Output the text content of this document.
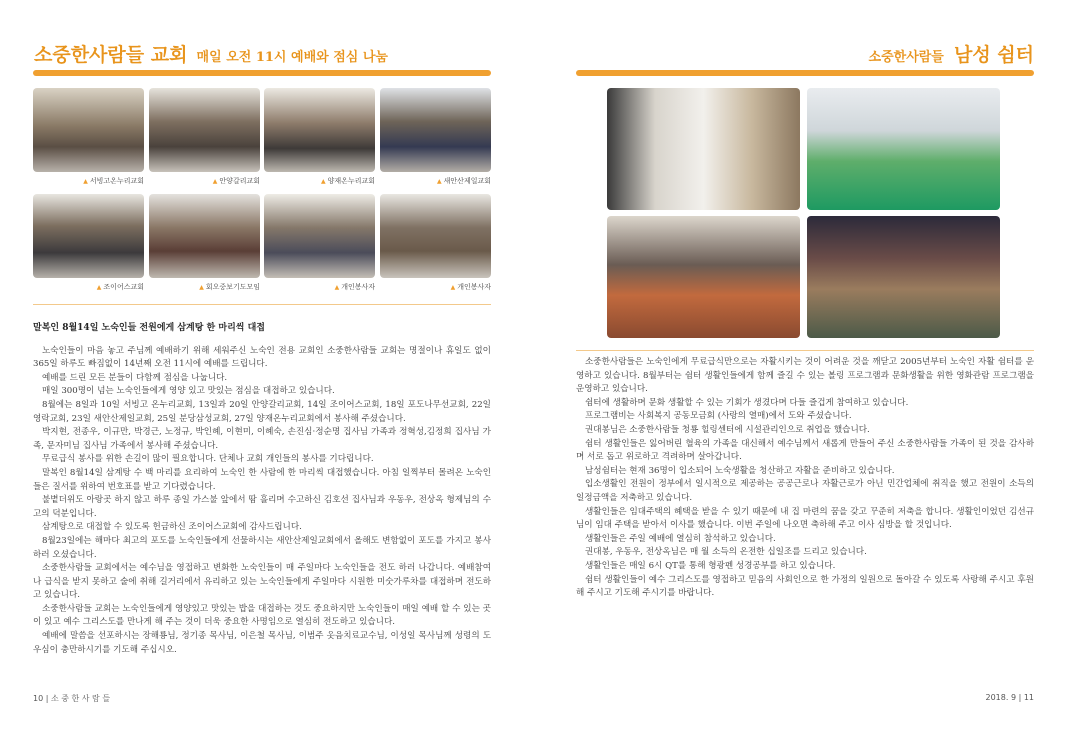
소중한사람들 교회 매일 오전 11시 예배와 점심 나눔
▲ 서빙고온누리교회	▲ 안양갈리교회	▲ 양재온누리교회	▲ 새안산제일교회
▲ 조이어스교회	▲ 회오중보기도모임	▲ 개인봉사자	▲ 개인봉사자

말복인 8월14일 노숙인들 전원에게 삼계탕 한 마리씩 대접

노숙인들이 마음 놓고 주님께 예배하기 위해 세워주신 노숙인 전용 교회인 소중한사람들 교회는 명절이나 휴일도 없이 365일 하루도 빠짐없이 14년째 오전 11시에 예배를 드립니다.

예배를 드린 모든 분들이 다함께 점심을 나눕니다.

매일 300명이 넘는 노숙인들에게 영양 있고 맛있는 점심을 대접하고 있습니다.

8월에는 8일과 10일 서빙고 온누리교회, 13일과 20일 안양갈리교회, 14일 조이어스교회, 18일 포도나무선교회, 22일 영락교회, 23일 새안산제일교회, 25일 분당삼성교회, 27일 양재온누리교회에서 봉사해 주셨습니다.

박지현, 전종우, 이규만, 박경근, 노정규, 박인혜, 이현미, 이혜숙, 손진심·정순명 집사님 가족과 정혁성,김정희 집사님 가족, 문자미님 집사님 가족에서 봉사해 주셨습니다.

무료급식 봉사를 위한 손길이 많이 필요합니다. 단체나 교회 개인들의 봉사를 기다립니다.

말복인 8월14일 삼계탕 수 백 마리를 요리하여 노숙인 한 사람에 한 마리씩 대접했습니다. 아침 일찍부터 몰려온 노숙인들은 질서를 위하여 번호표를 받고 기다렸습니다.

불볕더위도 아랑곳 하지 않고 하루 종일 가스불 앞에서 땀 흘리며 수고하신 김호선 집사님과 우동우, 전상옥 형제님의 수고의 덕분입니다.

삼계탕으로 대접할 수 있도록 헌금하신 조이어스교회에 감사드립니다.

8월23일에는 해마다 최고의 포도를 노숙인들에게 선물하시는 새안산제일교회에서 올해도 변함없이 포도를 가지고 봉사하러 오셨습니다.

소중한사람들 교회에서는 예수님을 영접하고 변화한 노숙인들이 매 주일마다 노숙인들을 전도 하러 나갑니다. 예배참여나 급식을 받지 못하고 술에 취해 길거리에서 유리하고 있는 노숙인들에게 주일마다 시원한 미숫가루차를 대접하며 전도하고 있습니다.

소중한사람들 교회는 노숙인들에게 영양있고 맛있는 밥을 대접하는 것도 중요하지만 노숙인들이 매일 예배 할 수 있는 곳이 있고 예수 그리스도를 만나게 해 주는 것이 더욱 중요한 사명임으로 열심히 전도하고 있습니다.

예배에 말씀을 선포하시는 장해룡님, 정기종 목사님, 이은철 목사님, 이범주 옷음치료교수님, 이성일 목사님께 성령의 도우심이 충만하시기를 기도해 주십시오.

10 | 소 중 한 사 람 들
소중한사람들 남성 쉼터

소중한사람들은 노숙인에게 무료급식만으로는 자활시키는 것이 어려운 것을 깨닫고 2005년부터 노숙인 자활 쉼터를 운영하고 있습니다. 8월부터는 쉼터 생활인들에게 함께 즐길 수 있는 볼링 프로그램과 문화생활을 위한 영화관람 프로그램을 운영하고 있습니다.

쉼터에 생활하며 문화 생활할 수 있는 기회가 생겼다며 다들 즐겁게 참여하고 있습니다.

프로그램비는 사회복지 공동모금회 (사랑의 열매)에서 도와 주셨습니다.

권대봉님은 소중한사람들 청룡 힐링센터에 시설관리인으로 취업을 했습니다.

쉼터 생활인들은 잃어버린 혈육의 가족을 대신해서 예수님께서 새롭게 만들어 주신 소중한사람들 가족이 된 것을 감사하며 서로 돕고 위로하고 격려하며 살아갑니다.

남성쉼터는 현재 36명이 입소되어 노숙생활을 청산하고 자활을 준비하고 있습니다.

입소생활인 전원이 정부에서 일시적으로 제공하는 공공근로나 자활근로가 아닌 민간업체에 취직을 했고 전원이 소득의 일정금액을 저축하고 있습니다.

생활인들은 임대주택의 혜택을 받을 수 있기 때문에 내 집 마련의 꿈을 갖고 꾸준히 저축을 합니다. 생활인이었던 김선규님이 임대 주택을 받아서 이사를 했습니다. 이번 주일에 나오면 축하해 주고 이사 심방을 할 것입니다.

생활인들은 주일 예배에 열심히 참석하고 있습니다.

권대봉, 우동우, 전상옥님은 매 월 소득의 온전한 십일조를 드리고 있습니다.

생활인들은 매일 6시 QT를 통해 형광펜 성경공부를 하고 있습니다.

쉼터 생활인들이 예수 그리스도를 영접하고 믿음의 사회인으로 한 가정의 일원으로 돌아갈 수 있도록 사랑해 주시고 후원해 주시고 기도해 주시기를 바랍니다.

2018. 9 | 11
